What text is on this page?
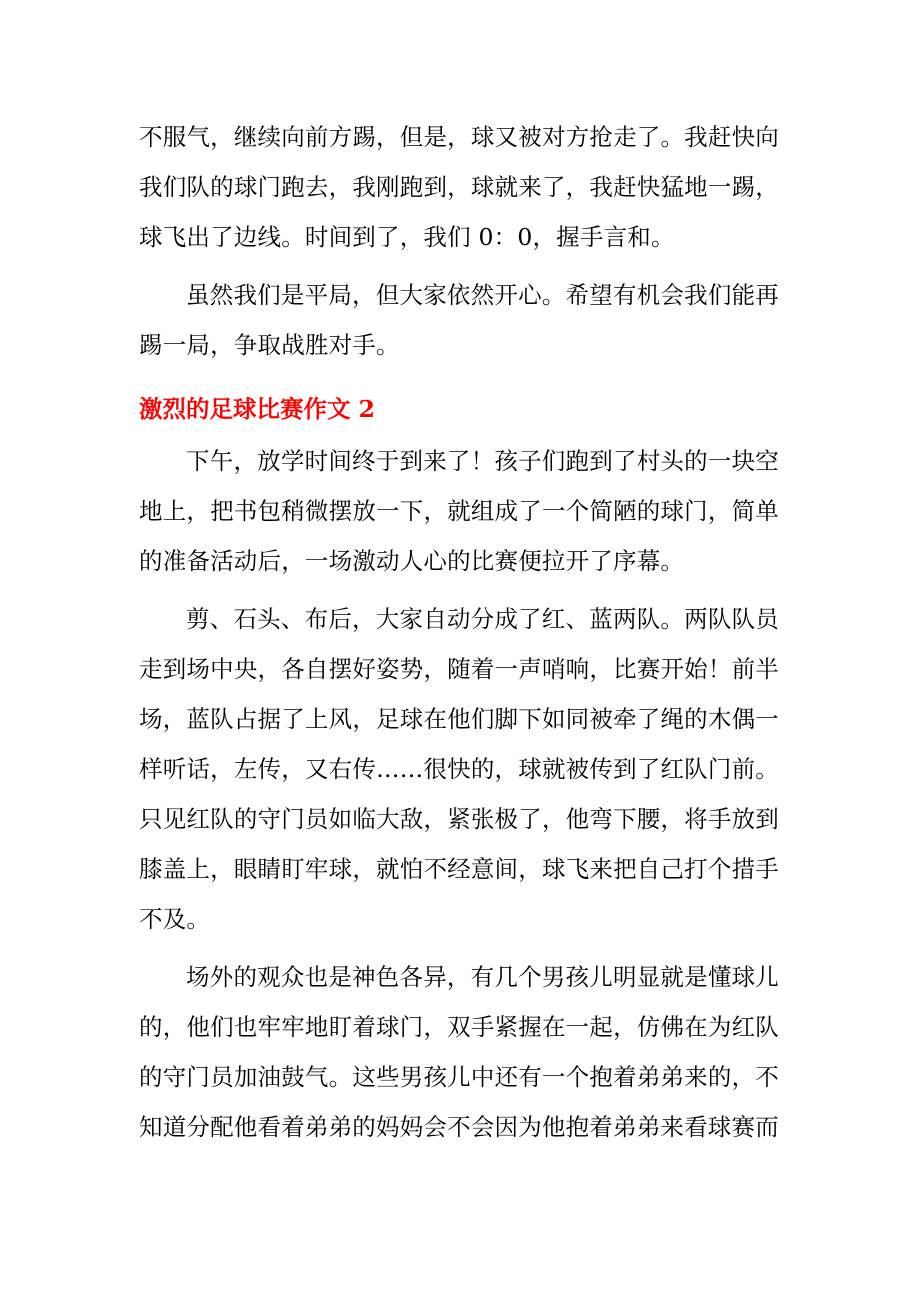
不服气，继续向前方踢，但是，球又被对方抢走了。我赶快向我们队的球门跑去，我刚跑到，球就来了，我赶快猛地一踢，球飞出了边线。时间到了，我们 0：0，握手言和。

虽然我们是平局，但大家依然开心。希望有机会我们能再踢一局，争取战胜对手。

激烈的足球比赛作文 2

下午，放学时间终于到来了！孩子们跑到了村头的一块空地上，把书包稍微摆放一下，就组成了一个简陋的球门，简单的准备活动后，一场激动人心的比赛便拉开了序幕。

剪、石头、布后，大家自动分成了红、蓝两队。两队队员走到场中央，各自摆好姿势，随着一声哨响，比赛开始！前半场，蓝队占据了上风，足球在他们脚下如同被牵了绳的木偶一样听话，左传，又右传……很快的，球就被传到了红队门前。只见红队的守门员如临大敌，紧张极了，他弯下腰，将手放到膝盖上，眼睛盯牢球，就怕不经意间，球飞来把自己打个措手不及。

场外的观众也是神色各异，有几个男孩儿明显就是懂球儿的，他们也牢牢地盯着球门，双手紧握在一起，仿佛在为红队的守门员加油鼓气。这些男孩儿中还有一个抱着弟弟来的，不知道分配他看着弟弟的妈妈会不会因为他抱着弟弟来看球赛而
